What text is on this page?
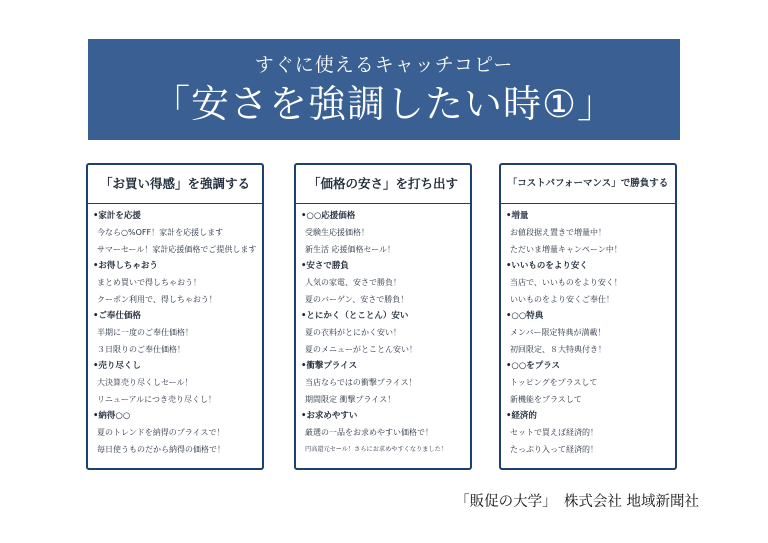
すぐに使えるキャッチコピー
「安さを強調したい時①」
「お買い得感」を強調する
•家計を応援
今なら○%OFF！家計を応援します
サマーセール！家計応援価格でご提供します
•お得しちゃおう
まとめ買いで得しちゃおう！
クーポン利用で、得しちゃおう！
•ご奉仕価格
半期に一度のご奉仕価格！
３日限りのご奉仕価格！
•売り尽くし
大決算売り尽くしセール！
リニューアルにつき売り尽くし！
•納得○○
夏のトレンドを納得のプライスで！
毎日使うものだから納得の価格で！
「価格の安さ」を打ち出す
•○○応援価格
受験生応援価格！
新生活 応援価格セール！
•安さで勝負
人気の家電、安さで勝負！
夏のバーゲン、安さで勝負！
•とにかく（とことん）安い
夏の衣料がとにかく安い！
夏のメニューがとことん安い！
•衝撃プライス
当店ならではの衝撃プライス！
期間限定 衝撃プライス！
•お求めやすい
厳選の一品をお求めやすい価格で！
円高還元セール！さらにお求めやすくなりました！
「コストパフォーマンス」で勝負する
•増量
お値段据え置きで増量中！
ただいま増量キャンペーン中！
•いいものをより安く
当店で、いいものをより安く！
いいものをより安くご奉仕！
•○○特典
メンバー限定特典が満載！
初回限定、８大特典付き！
•○○をプラス
トッピングをプラスして
新機能をプラスして
•経済的
セットで買えば経済的！
たっぷり入って経済的！
「販促の大学」　株式会社 地域新聞社
